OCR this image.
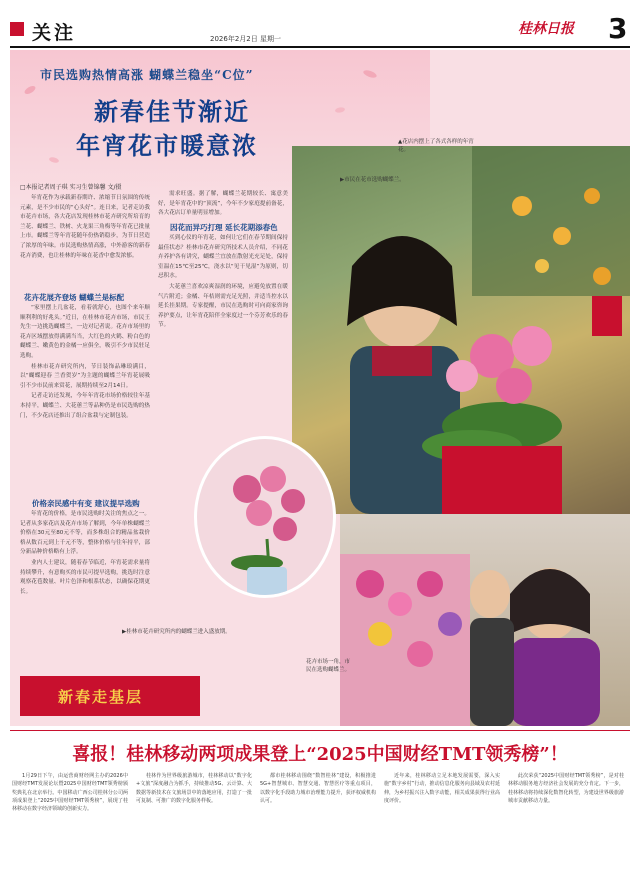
关注	2026年2月2日 星期一
桂林日报 3
市民选购热情高涨 蝴蝶兰稳坐“C位”
新春佳节渐近
年宵花市暖意浓
□本报记者周子琪 实习生曾锦馨 文/摄

年宵花作为承载新春期许、浓缩节日氛围的传统元素，是不少市民的“心头好”。连日来，记者走访我市花卉市场，各大花店发现桂林市花卉研究所培育的兰花、蝴蝶兰、铁树、火龙果三角梅等年宵花已批量上市。蝴蝶兰等年宵花随年份热销稳步，为节日营造了浓厚的年味。市民选购热情高涨，中外游客的新春花卉消费，也让桂林的年味在花香中愈发浓郁。

花卉花展齐登场 蝴蝶兰是标配

“家里摆上几盆花，看着就舒心，也图个来年顺顺利利的好兆头。”近日，在桂林市花卉市场，市民王先生一边挑选蝴蝶兰，一边对记者说。花卉市场里的花卉区域摆放得满满当当，大红色的火鹤、粉白色的蝴蝶兰、嫩黄色的金橘一应俱全，吸引不少市民驻足选购。

桂林市花卉研究所内，节日装饰品琳琅满目，以“蝴蝶迎春 兰香贺岁”为主题的蝴蝶兰年宵花展吸引不少市民前来赏花，展期持续至2月14日。

记者走访还发现，今年年宵花市场价格较往年基本持平，蝴蝶兰、大花蕙兰等品种仍是市民选购的热门，不少花店还推出了组合盆栽与定制包装。

价格亲民感中有变 建议提早选购

年宵花的价格，是市民选购时关注的焦点之一。记者从多家花店及花卉市场了解到，今年单株蝴蝶兰价格在30元至80元不等，而多株组合的精品盆栽价格从数百元到上千元不等，整体价格与往年持平，部分新品种价格略有上浮。

业内人士建议，随着春节临近，年宵花需求量将持续攀升，有意购买的市民可提早选购，挑选时注意观察花苞数量、叶片色泽和根系状态，以确保花期更长。

需求旺盛。据了解，蝴蝶兰花期较长、寓意美好，是年宵花中的“顶流”，今年不少家庭提前备花，各大花店订单量明显增加。

因花而异巧打理 延长花期添春色

买到心仪的年宵花，如何让它们在春节期间保持最佳状态？桂林市花卉研究所技术人员介绍，不同花卉养护各有讲究，蝴蝶兰宜放在散射光充足处，保持室温在15℃至25℃，浇水以“见干见湿”为原则，切忌积水。

大花蕙兰喜欢凉爽湿润的环境，应避免放置在暖气片附近；金橘、年桔则需充足光照，并适当控水以延长挂果期。专家提醒，市民在选购时可向商家咨询养护要点，让年宵花陪伴全家度过一个芬芳欢乐的春节。

▲花店内摆上了各式各样的年宵花。
▶市民在花市选购蝴蝶兰。
▶桂林市花卉研究所内的蝴蝶兰进入盛放期。
花卉市场一角，市民在选购蝴蝶兰。
新春走基层
喜报！桂林移动两项成果登上“2025中国财经TMT领秀榜”！

1月29日下午，由运营商财经网主办的2026中国财经TMT发展论坛暨2025中国财经TMT领秀榜颁奖典礼在北京举行。中国移动广西公司桂林分公司两项成果登上“2025中国财经TMT领秀榜”，展现了桂林移动在数字经济领域的创新实力。

桂林作为世界级旅游城市，桂林移动以“数字化+文旅”深度融合为抓手，持续推动5G、云计算、大数据等新技术在文旅场景中的落地应用，打造了一批可复制、可推广的数字化服务样板。

都市桂林移动围绕“数智桂林”建设，积极推进5G+智慧城市、智慧交通、智慧医疗等重点项目，以数字化手段助力城市治理能力提升，获评权威机构认可。

近年来，桂林移动立足本地发展需要，深入实施“数字乡村”行动，推动信息化服务向县域及农村延伸，为乡村振兴注入数字动能，相关成果获得行业高度评价。

此次荣获“2025中国财经TMT领秀榜”，是对桂林移动服务地方经济社会发展的充分肯定。下一步，桂林移动将持续深化数智化转型，为建设世界级旅游城市贡献移动力量。
